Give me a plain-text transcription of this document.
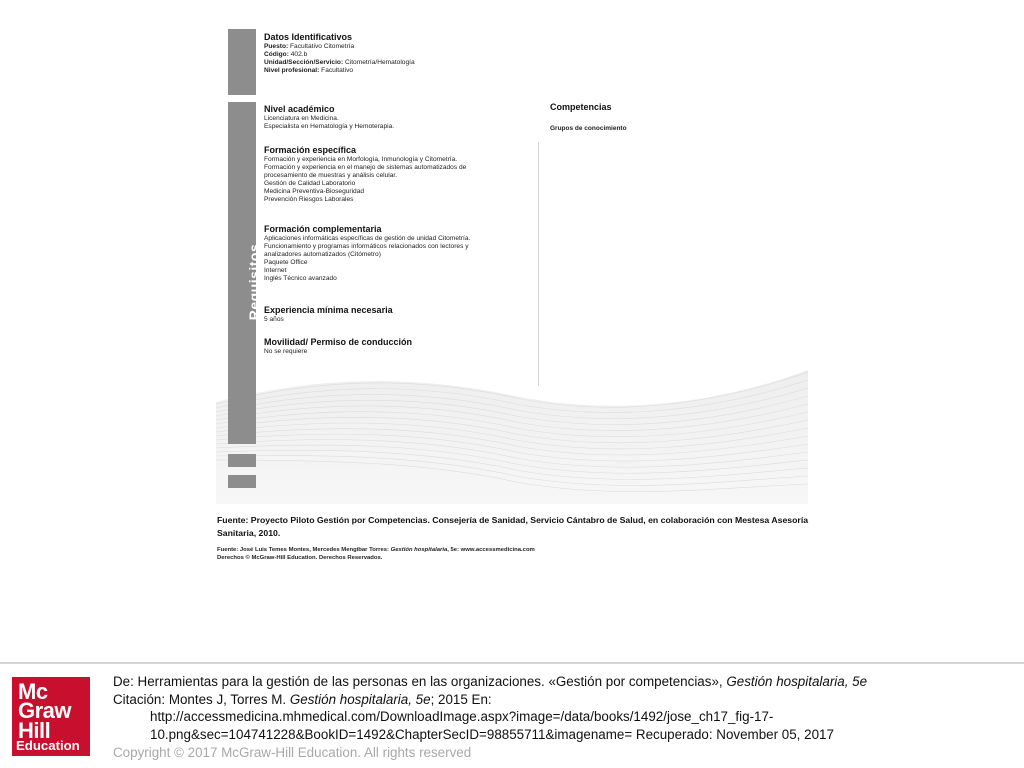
Requisitos
Datos Identificativos
Puesto: Facultativo Citometría
Código: 402.b
Unidad/Sección/Servicio: Citometría/Hematología
Nivel profesional: Facultativo
Nivel académico
Licenciatura en Medicina.
Especialista en Hematología y Hemoterapia.
Formación específica
Formación y experiencia en Morfología, Inmunología y Citometría.
Formación y experiencia en el manejo de sistemas automatizados de
procesamiento de muestras y análisis celular.
Gestión de Calidad Laboratorio
Medicina Preventiva-Bioseguridad
Prevención Riesgos Laborales
Formación complementaria
Aplicaciones informáticas específicas de gestión de unidad Citometría.
Funcionamiento y programas informáticos relacionados con lectores y
analizadores automatizados (Citómetro)
Paquete Office
Internet
Inglés Técnico avanzado
Experiencia mínima necesaria
5 años
Movilidad/ Permiso de conducción
No se requiere
Competencias
Grupos de conocimiento
Fuente: Proyecto Piloto Gestión por Competencias. Consejería de Sanidad, Servicio Cántabro de Salud, en colaboración con Mestesa Asesoría Sanitaria, 2010.
Fuente: José Luis Temes Montes, Mercedes Mengíbar Torres: Gestión hospitalaria, 5e: www.accessmedicina.com
Derechos © McGraw-Hill Education. Derechos Reservados.
Mc
Graw
Hill
Education
De: Herramientas para la gestión de las personas en las organizaciones. «Gestión por competencias», Gestión hospitalaria, 5e
Citación: Montes J, Torres M. Gestión hospitalaria, 5e; 2015 En:
http://accessmedicina.mhmedical.com/DownloadImage.aspx?image=/data/books/1492/jose_ch17_fig-17-
10.png&sec=104741228&BookID=1492&ChapterSecID=98855711&imagename= Recuperado: November 05, 2017
Copyright © 2017 McGraw-Hill Education. All rights reserved
